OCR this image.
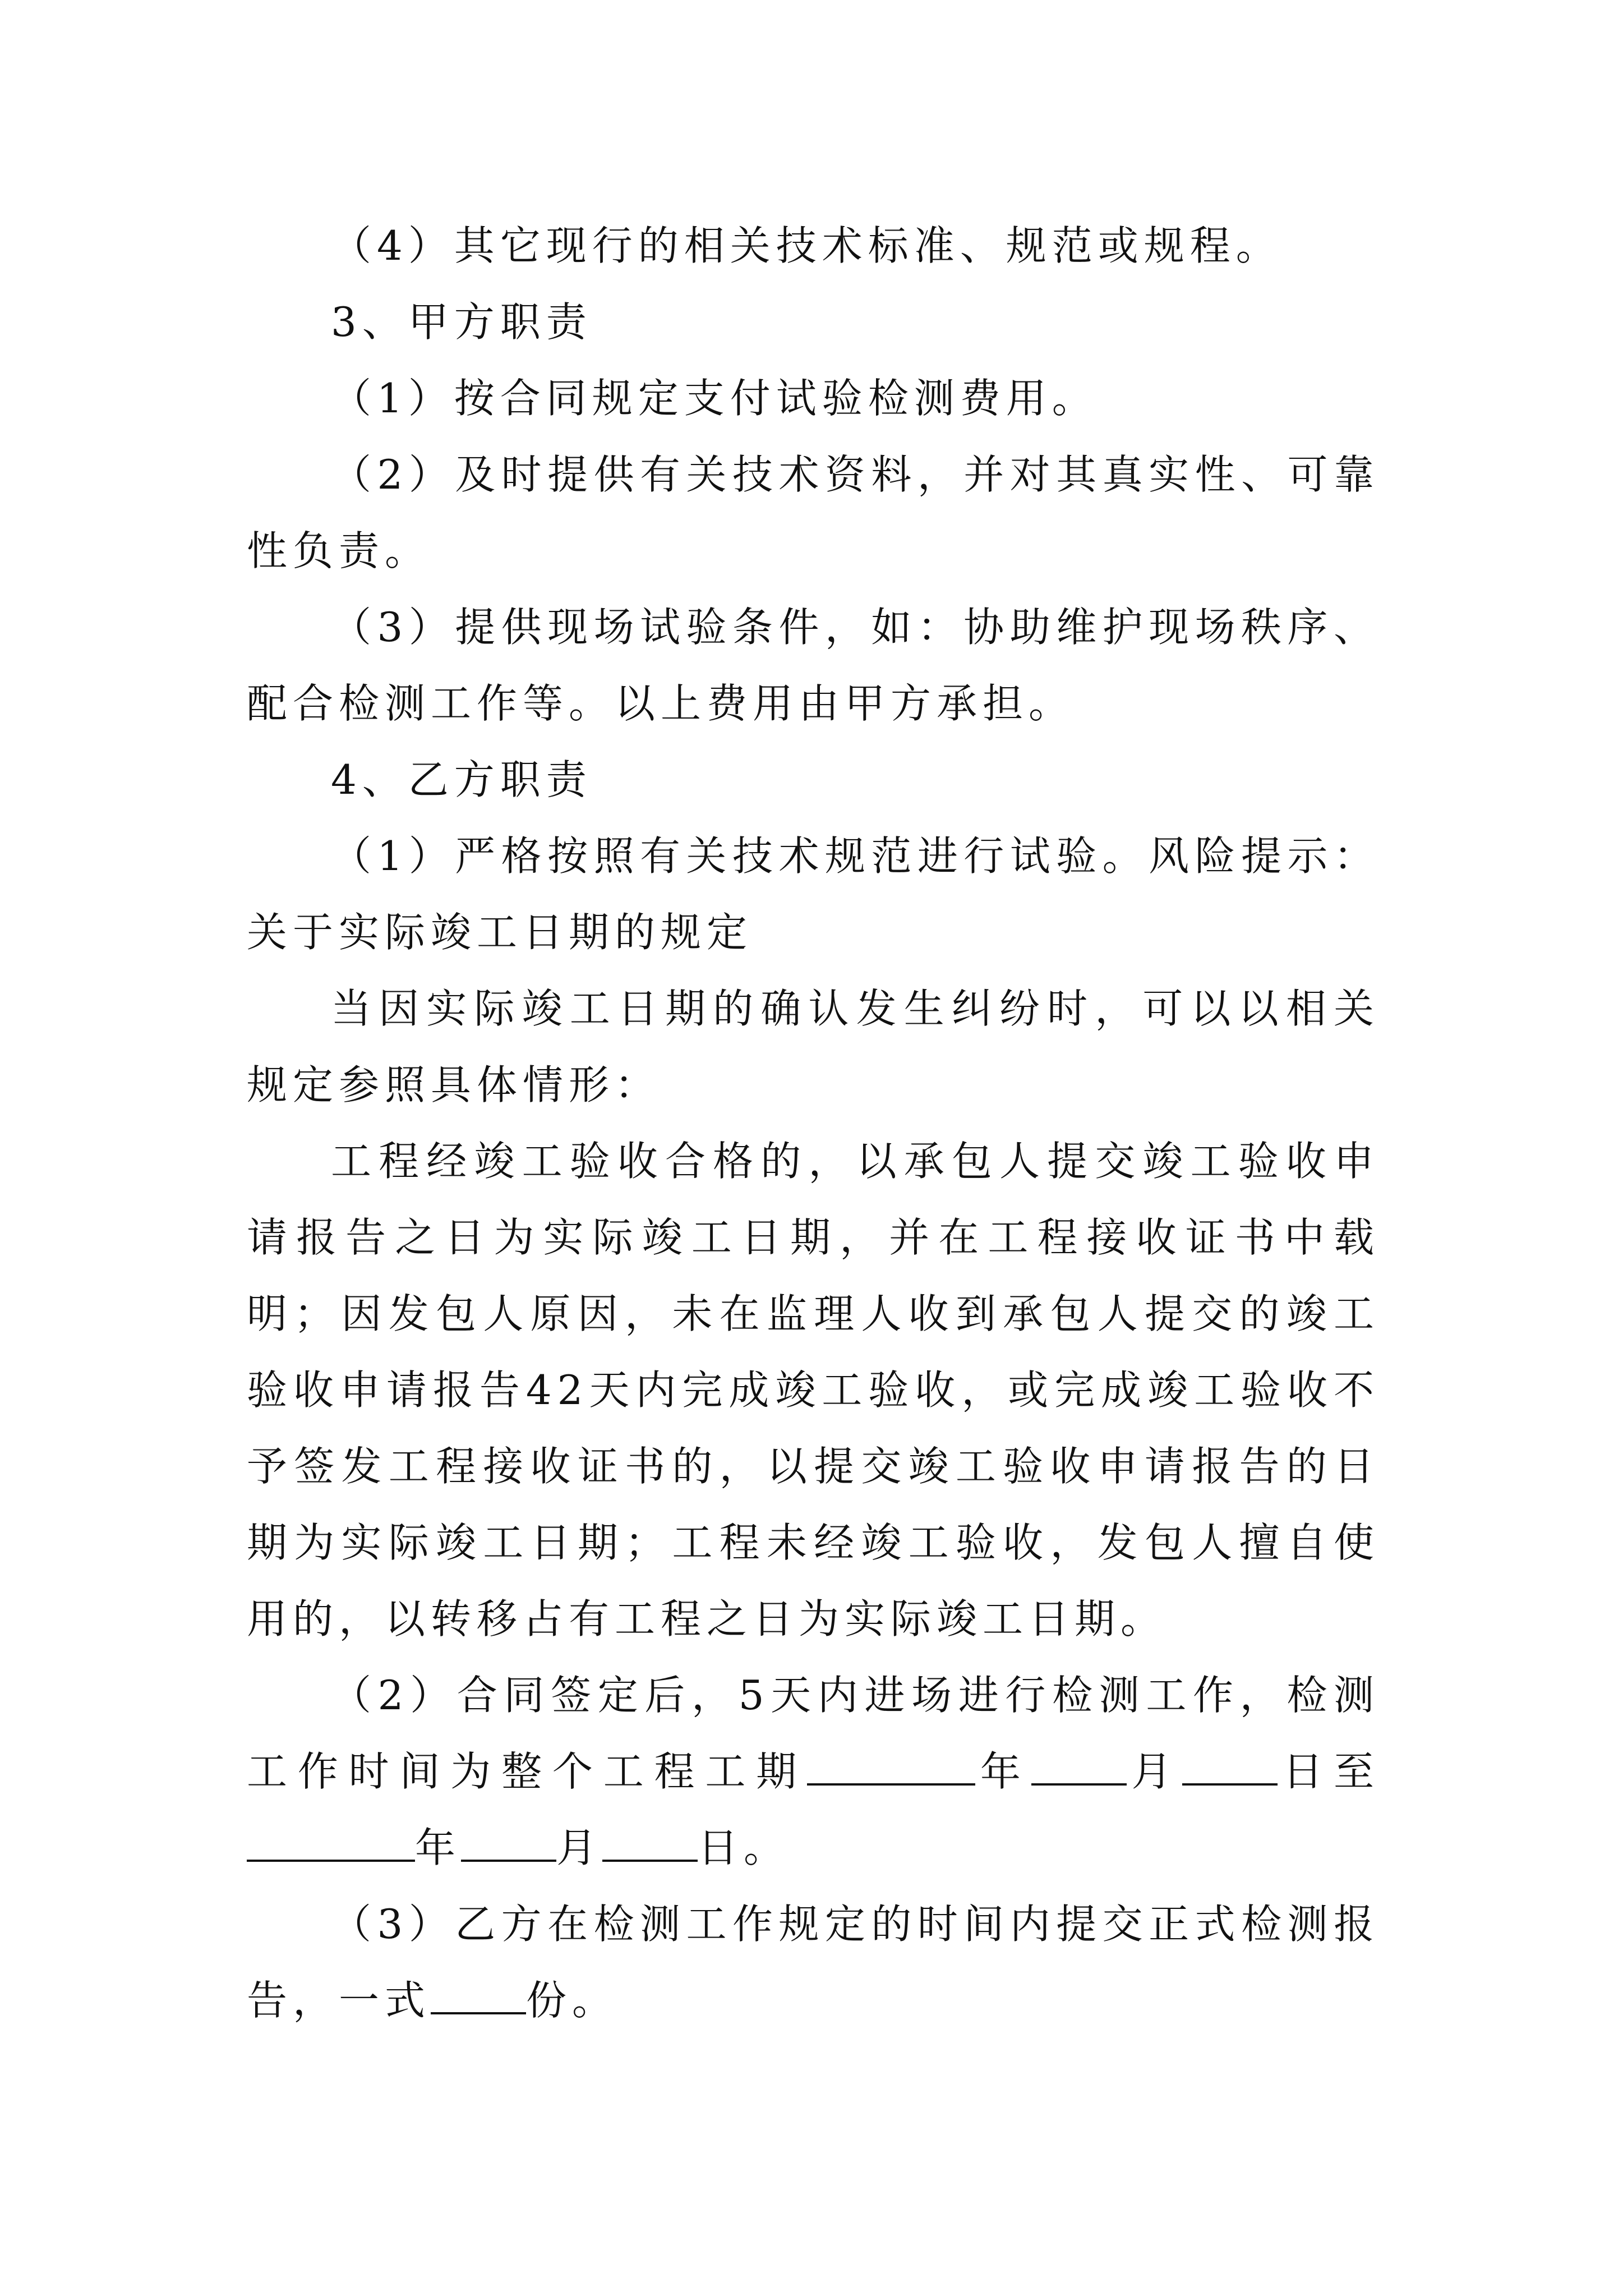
（4）其它现行的相关技术标准、规范或规程。

3、甲方职责

（1）按合同规定支付试验检测费用。

（2）及时提供有关技术资料，并对其真实性、可靠性负责。

（3）提供现场试验条件，如：协助维护现场秩序、配合检测工作等。以上费用由甲方承担。

4、乙方职责

（1）严格按照有关技术规范进行试验。风险提示：关于实际竣工日期的规定

当因实际竣工日期的确认发生纠纷时，可以以相关规定参照具体情形：

工程经竣工验收合格的，以承包人提交竣工验收申请报告之日为实际竣工日期，并在工程接收证书中载明；因发包人原因，未在监理人收到承包人提交的竣工验收申请报告42天内完成竣工验收，或完成竣工验收不予签发工程接收证书的，以提交竣工验收申请报告的日期为实际竣工日期；工程未经竣工验收，发包人擅自使用的，以转移占有工程之日为实际竣工日期。

（2）合同签定后，5天内进场进行检测工作，检测工作时间为整个工程工期	年 月 日至年 月 日。

（3）乙方在检测工作规定的时间内提交正式检测报告，一式 份。
